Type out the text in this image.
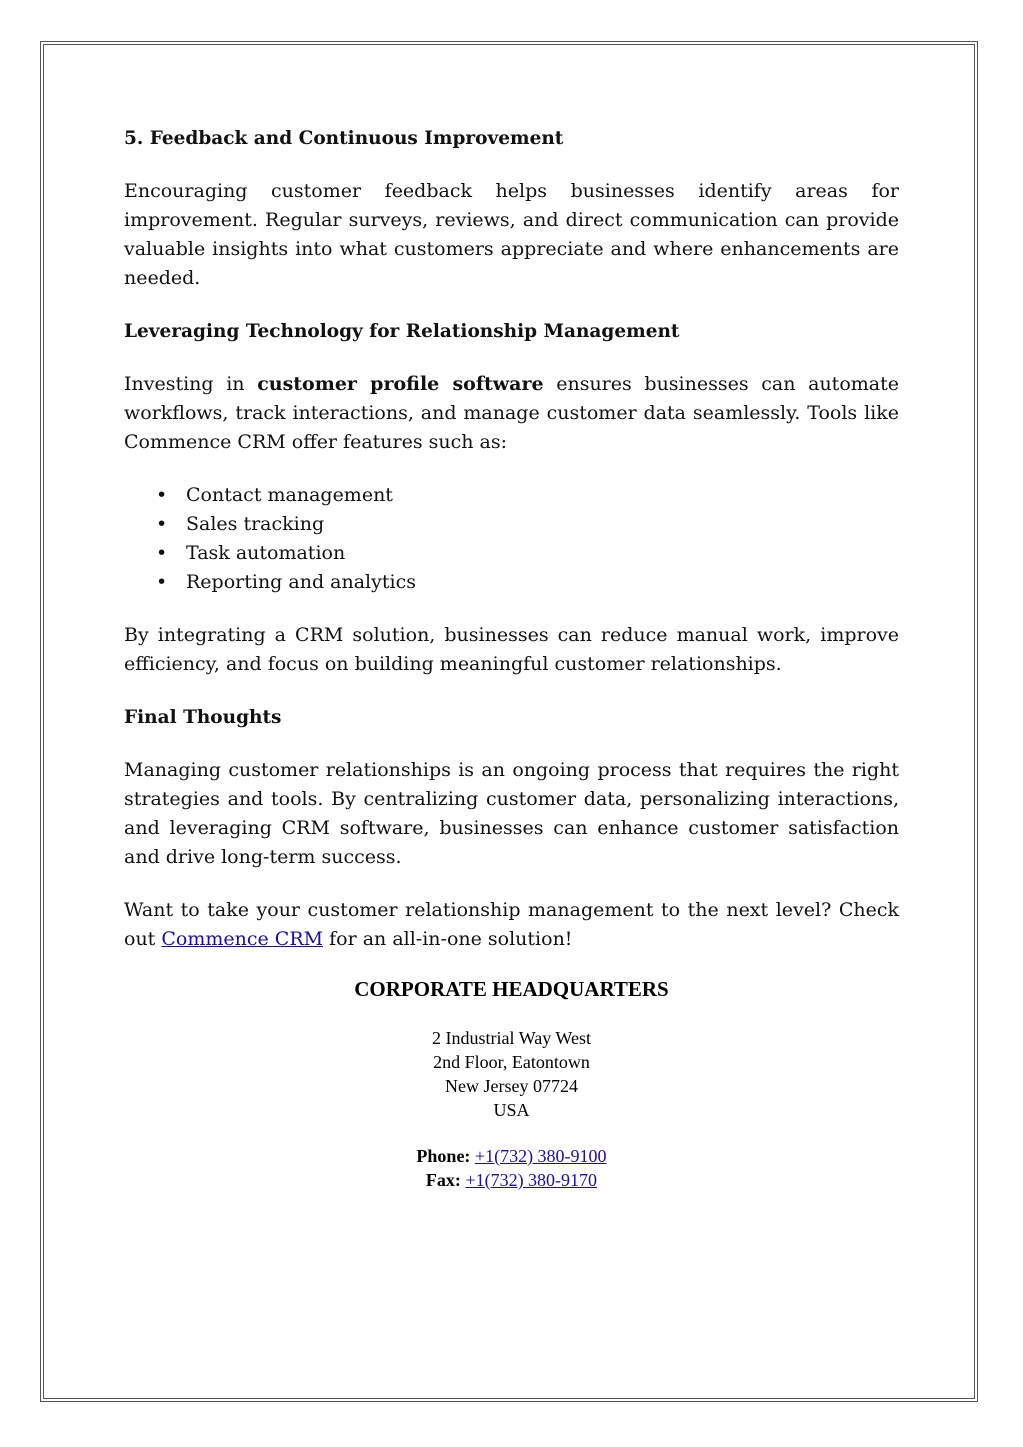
5. Feedback and Continuous Improvement

Encouraging customer feedback helps businesses identify areas for improvement. Regular surveys, reviews, and direct communication can provide valuable insights into what customers appreciate and where enhancements are needed.

Leveraging Technology for Relationship Management

Investing in customer profile software ensures businesses can automate workflows, track interactions, and manage customer data seamlessly. Tools like Commence CRM offer features such as:

• Contact management
• Sales tracking
• Task automation
• Reporting and analytics

By integrating a CRM solution, businesses can reduce manual work, improve efficiency, and focus on building meaningful customer relationships.

Final Thoughts

Managing customer relationships is an ongoing process that requires the right strategies and tools. By centralizing customer data, personalizing interactions, and leveraging CRM software, businesses can enhance customer satisfaction and drive long-term success.

Want to take your customer relationship management to the next level? Check out Commence CRM for an all-in-one solution!

CORPORATE HEADQUARTERS
2 Industrial Way West
2nd Floor, Eatontown
New Jersey 07724
USA
Phone: +1(732) 380-9100
Fax: +1(732) 380-9170
